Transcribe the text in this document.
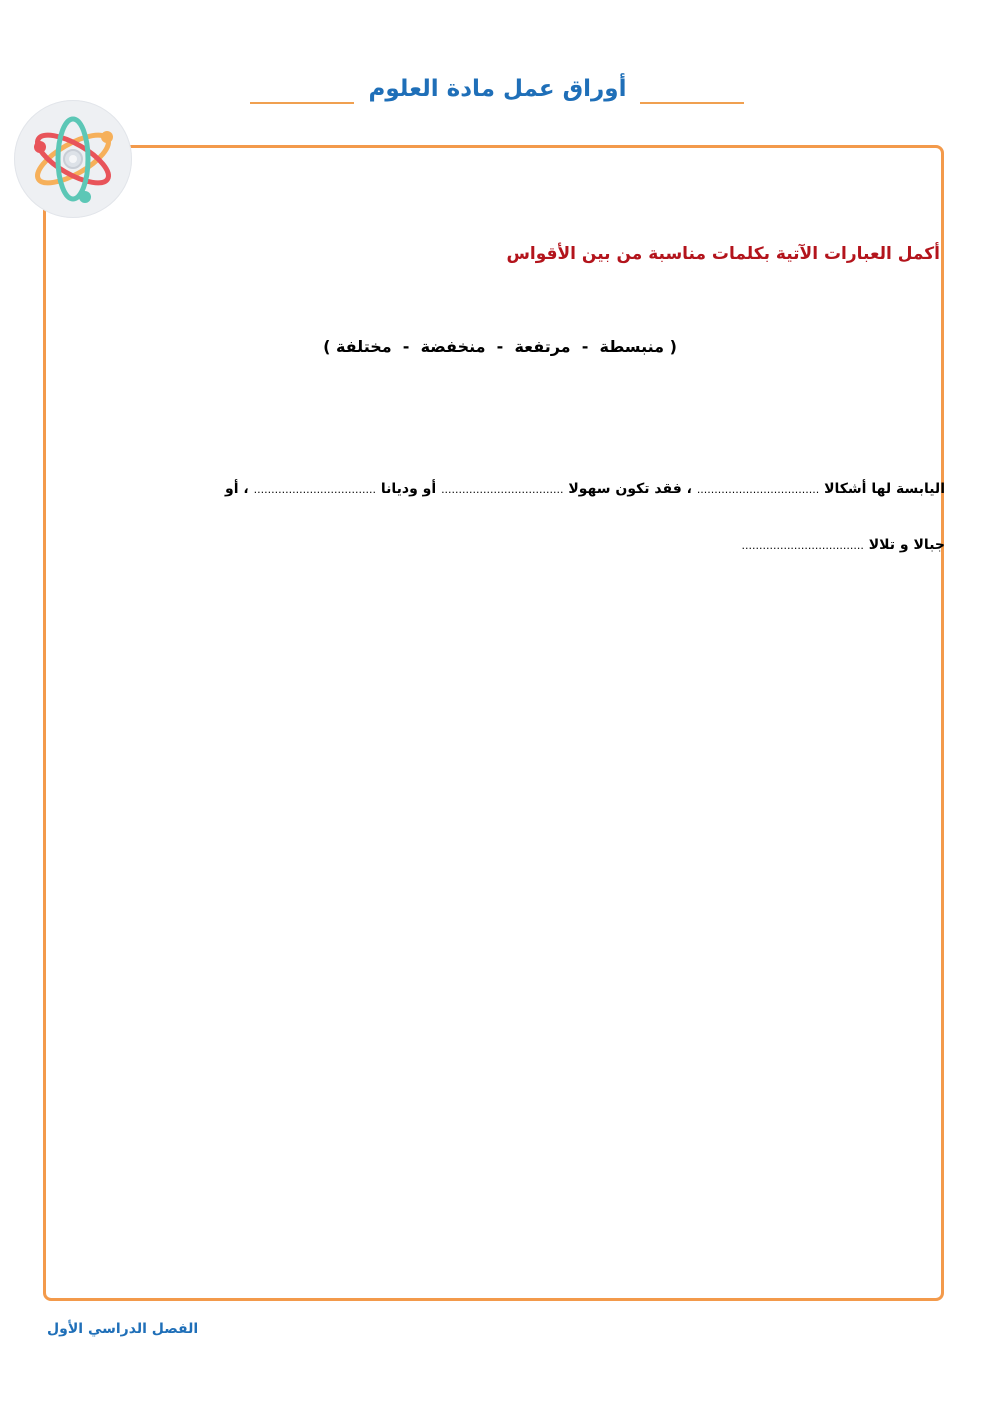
أوراق عمل مادة العلوم
أكمل العبارات الآتية بكلمات مناسبة من بين الأقواس
( منبسطة  -  مرتفعة  -  منخفضة  -  مختلفة )
اليابسة لها أشكالا ................................... ، فقد تكون سهولا ................................... أو وديانا ................................... ، أو
جبالا و تلالا ...................................
الفصل الدراسي الأول
